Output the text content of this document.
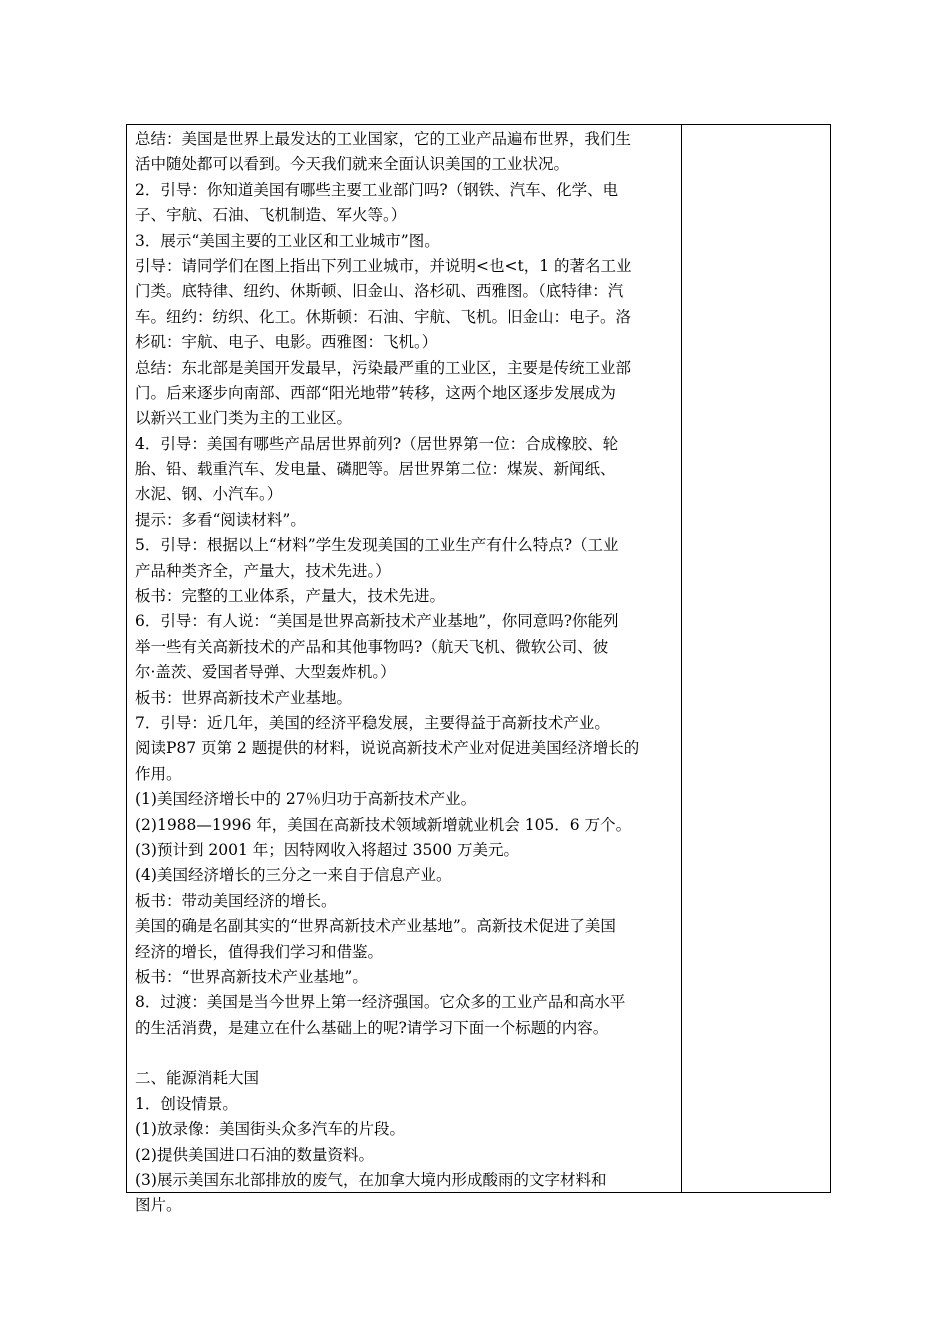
总结：美国是世界上最发达的工业国家，它的工业产品遍布世界，我们生
活中随处都可以看到。今天我们就来全面认识美国的工业状况。
2．引导：你知道美国有哪些主要工业部门吗?（钢铁、汽车、化学、电
子、宇航、石油、飞机制造、军火等。）
3．展示“美国主要的工业区和工业城市”图。
引导：请同学们在图上指出下列工业城市，并说明<也<t，1 的著名工业
门类。底特律、纽约、休斯顿、旧金山、洛杉矶、西雅图。（底特律：汽
车。纽约：纺织、化工。休斯顿：石油、宇航、飞机。旧金山：电子。洛
杉矶：宇航、电子、电影。西雅图：飞机。）
总结：东北部是美国开发最早，污染最严重的工业区，主要是传统工业部
门。后来逐步向南部、西部“阳光地带”转移，这两个地区逐步发展成为
以新兴工业门类为主的工业区。
4．引导：美国有哪些产品居世界前列?（居世界第一位：合成橡胶、轮
胎、铅、载重汽车、发电量、磷肥等。居世界第二位：煤炭、新闻纸、
水泥、钢、小汽车。）
提示：多看“阅读材料”。
5．引导：根据以上“材料”学生发现美国的工业生产有什么特点?（工业
产品种类齐全，产量大，技术先进。）
板书：完整的工业体系，产量大，技术先进。
6．引导：有人说：“美国是世界高新技术产业基地”，你同意吗?你能列
举一些有关高新技术的产品和其他事物吗?（航天飞机、微软公司、彼
尔·盖茨、爱国者导弹、大型轰炸机。）
板书：世界高新技术产业基地。
7．引导：近几年，美国的经济平稳发展，主要得益于高新技术产业。
阅读P87 页第 2 题提供的材料，说说高新技术产业对促进美国经济增长的
作用。
(1)美国经济增长中的 27％归功于高新技术产业。
(2)1988—1996 年，美国在高新技术领域新增就业机会 105．6 万个。
(3)预计到 2001 年；因特网收入将超过 3500 万美元。
(4)美国经济增长的三分之一来自于信息产业。
板书：带动美国经济的增长。
美国的确是名副其实的“世界高新技术产业基地”。高新技术促进了美国
经济的增长，值得我们学习和借鉴。
板书：“世界高新技术产业基地”。
8．过渡：美国是当今世界上第一经济强国。它众多的工业产品和高水平
的生活消费，是建立在什么基础上的呢?请学习下面一个标题的内容。
二、能源消耗大国
1．创设情景。
(1)放录像：美国街头众多汽车的片段。
(2)提供美国进口石油的数量资料。
(3)展示美国东北部排放的废气，在加拿大境内形成酸雨的文字材料和
图片。
